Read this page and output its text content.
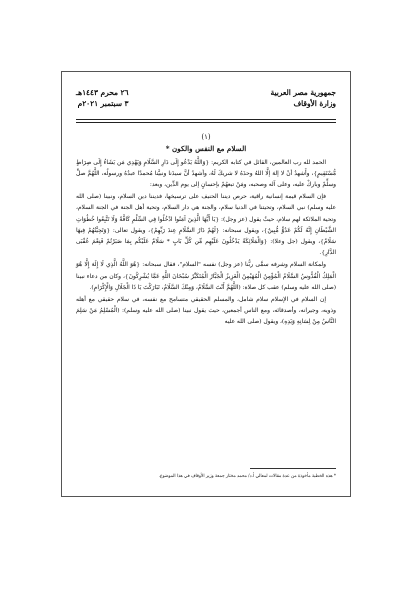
جمهورية مصر العربية
وزارة الأوقاف
٢٦ محرم ١٤٤٣هـ
٣ سبتمبر ٢٠٢١م
(١)
السلام مع النفس والكون *

الحمد لله رب العالمين، القائل في كتابه الكريم: {وَاللَّهُ يَدْعُو إِلَى دَارِ السَّلَامِ وَيَهْدِي مَن يَشَاءُ إِلَى صِرَاطٍ مُّسْتَقِيمٍ}، وأَشهدُ أنْ لا إلهَ إلَّا اللهُ وحدَهُ لا شريكَ لَهُ، وأشهدُ أنَّ سيدَنا ونبيَّنا مُحمدًا عبدُهُ ورسولُه، اللَّهُمَّ صلِّ وسلِّمْ وباركْ عليه، وعلى آله وصحبه، ومَنْ تبعهُمْ بإحسانٍ إلى يوم الدِّين، وبعد:

فإن السلام قيمة إنسانية راقية، حرص ديننا الحنيف على ترسيخها، فديننا دين السلام، ونبينا (صلى الله عليه وسلم) نبي السلام، وتحيتنا في الدنيا سلام، والجنة هي دار السلام، وتحية أهل الجنة في الجنة السلام، وتحية الملائكة لهم سلام، حيثُ يقول (عز وجل): {يَا أَيُّهَا الَّذِينَ آمَنُوا ادْخُلُوا فِي السِّلْمِ كَافَّةً وَلَا تَتَّبِعُوا خُطُوَاتِ الشَّيْطَانِ إِنَّهُ لَكُمْ عَدُوٌّ مُّبِينٌ}، ويقول سبحانه: {لَهُمْ دَارُ السَّلَامِ عِندَ رَبِّهِمْ}، ويقول تعالى: {وَتَحِيَّتُهُمْ فِيهَا سَلَامٌ}، ويقول (جل وعلا): {وَالْمَلَائِكَةُ يَدْخُلُونَ عَلَيْهِم مِّن كُلِّ بَابٍ * سَلَامٌ عَلَيْكُم بِمَا صَبَرْتُمْ فَنِعْمَ عُقْبَى الدَّارِ}.

ولمكانة السلام وشرفه سمَّى ربُّنا (عز وجل) نفسه "السلام"، فقال سبحانه: {هُوَ اللَّهُ الَّذِي لَا إِلَهَ إِلَّا هُوَ الْمَلِكُ الْقُدُّوسُ السَّلَامُ الْمُؤْمِنُ الْمُهَيْمِنُ الْعَزِيزُ الْجَبَّارُ الْمُتَكَبِّرُ سُبْحَانَ اللَّهِ عَمَّا يُشْرِكُونَ}، وكان من دعاء نبينا (صلى الله عليه وسلم) عقب كل صلاة: (اللَّهُمَّ أَنْتَ السَّلَامُ، وَمِنْكَ السَّلَامُ، تَبَارَكْتَ يَا ذَا الْجَلَالِ وَالْإِكْرَامِ).

إن السلام في الإسلام سلام شامل، والمسلم الحقيقي متسامح مع نفسه، في سلام حقيقي مع أهله وذويه، وجيرانه، وأصدقائه، ومع الناس أجمعين، حيث يقول نبينا (صلى الله عليه وسلم): (الْمُسْلِمُ مَنْ سَلِمَ النَّاسُ مِنْ لِسَانِهِ وَيَدِهِ)، ويقول (صلى الله عليه

* هذه الخطبة مأخوذة من عدة مقالات لمعالي أ.د/ محمد مختار جمعة وزير الأوقاف في هذا الموضوع.
